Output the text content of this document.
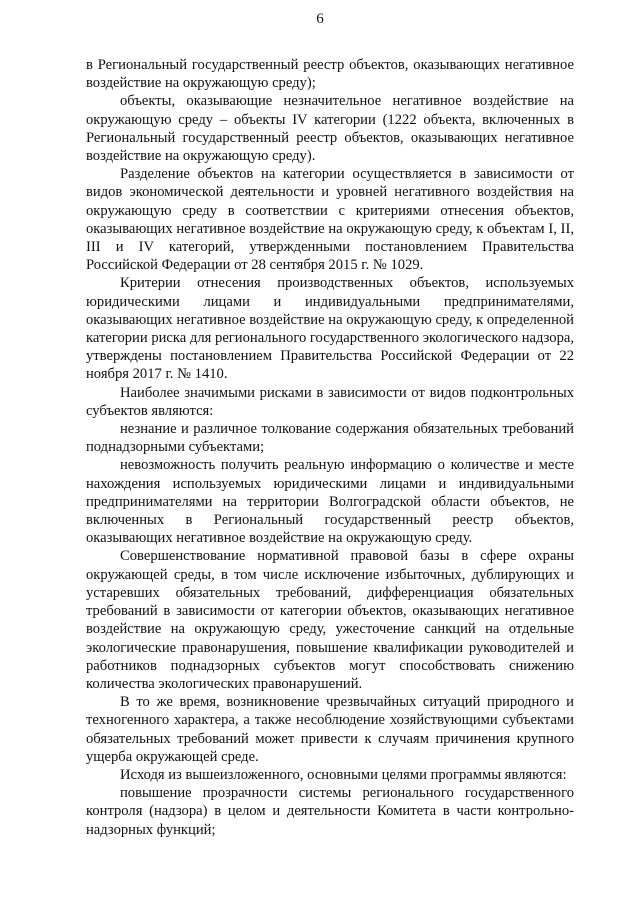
6

в Региональный государственный реестр объектов, оказывающих негативное воздействие на окружающую среду);

объекты, оказывающие незначительное негативное воздействие на окружающую среду – объекты IV категории (1222 объекта, включенных в Региональный государственный реестр объектов, оказывающих негативное воздействие на окружающую среду).

Разделение объектов на категории осуществляется в зависимости от видов экономической деятельности и уровней негативного воздействия на окружающую среду в соответствии с критериями отнесения объектов, оказывающих негативное воздействие на окружающую среду, к объектам I, II, III и IV категорий, утвержденными постановлением Правительства Российской Федерации от 28 сентября 2015 г. № 1029.

Критерии отнесения производственных объектов, используемых юридическими лицами и индивидуальными предпринимателями, оказывающих негативное воздействие на окружающую среду, к определенной категории риска для регионального государственного экологического надзора, утверждены постановлением Правительства Российской Федерации от 22 ноября 2017 г. № 1410.

Наиболее значимыми рисками в зависимости от видов подконтрольных субъектов являются:

незнание и различное толкование содержания обязательных требований поднадзорными субъектами;

невозможность получить реальную информацию о количестве и месте нахождения используемых юридическими лицами и индивидуальными предпринимателями на территории Волгоградской области объектов, не включенных в Региональный государственный реестр объектов, оказывающих негативное воздействие на окружающую среду.

Совершенствование нормативной правовой базы в сфере охраны окружающей среды, в том числе исключение избыточных, дублирующих и устаревших обязательных требований, дифференциация обязательных требований в зависимости от категории объектов, оказывающих негативное воздействие на окружающую среду, ужесточение санкций на отдельные экологические правонарушения, повышение квалификации руководителей и работников поднадзорных субъектов могут способствовать снижению количества экологических правонарушений.

В то же время, возникновение чрезвычайных ситуаций природного и техногенного характера, а также несоблюдение хозяйствующими субъектами обязательных требований может привести к случаям причинения крупного ущерба окружающей среде.

Исходя из вышеизложенного, основными целями программы являются:

повышение прозрачности системы регионального государственного контроля (надзора) в целом и деятельности Комитета в части контрольно-надзорных функций;
